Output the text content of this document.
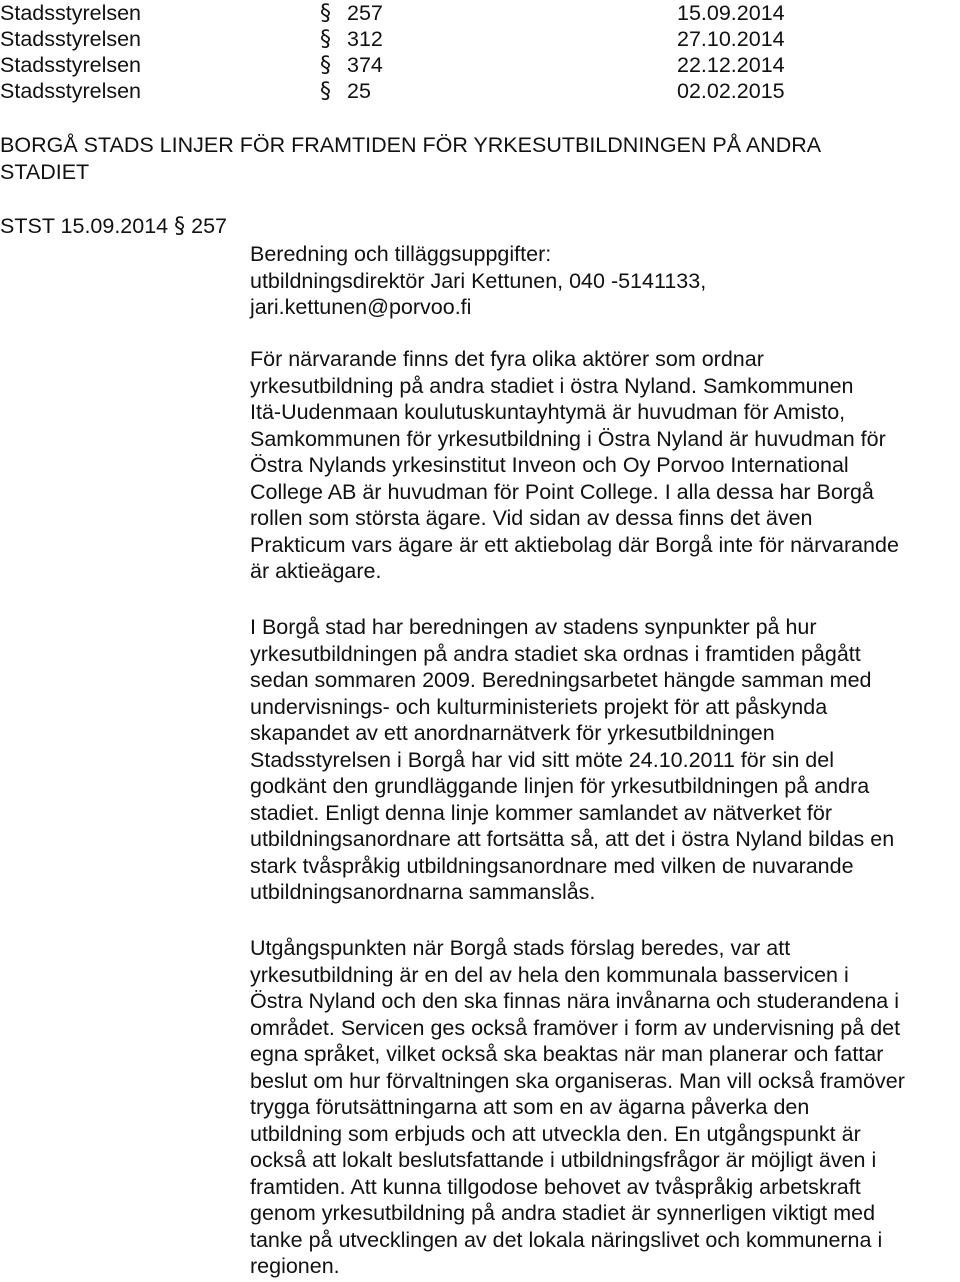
Stadsstyrelsen	§ 257	15.09.2014
Stadsstyrelsen	§ 312	27.10.2014
Stadsstyrelsen	§ 374	22.12.2014
Stadsstyrelsen	§ 25	02.02.2015
BORGÅ STADS LINJER FÖR FRAMTIDEN FÖR YRKESUTBILDNINGEN PÅ ANDRA
STADIET
STST 15.09.2014 § 257
Beredning och tilläggsuppgifter:
utbildningsdirektör Jari Kettunen, 040 -5141133,
jari.kettunen@porvoo.fi
För närvarande finns det fyra olika aktörer som ordnar
yrkesutbildning på andra stadiet i östra Nyland. Samkommunen
Itä-Uudenmaan koulutuskuntayhtymä är huvudman för Amisto,
Samkommunen för yrkesutbildning i Östra Nyland är huvudman för
Östra Nylands yrkesinstitut Inveon och Oy Porvoo International
College AB är huvudman för Point College. I alla dessa har Borgå
rollen som största ägare. Vid sidan av dessa finns det även
Prakticum vars ägare är ett aktiebolag där Borgå inte för närvarande
är aktieägare.
I Borgå stad har beredningen av stadens synpunkter på hur
yrkesutbildningen på andra stadiet ska ordnas i framtiden pågått
sedan sommaren 2009. Beredningsarbetet hängde samman med
undervisnings- och kulturministeriets projekt för att påskynda
skapandet av ett anordnarnätverk för yrkesutbildningen
Stadsstyrelsen i Borgå har vid sitt möte 24.10.2011 för sin del
godkänt den grundläggande linjen för yrkesutbildningen på andra
stadiet. Enligt denna linje kommer samlandet av nätverket för
utbildningsanordnare att fortsätta så, att det i östra Nyland bildas en
stark tvåspråkig utbildningsanordnare med vilken de nuvarande
utbildningsanordnarna sammanslås.
Utgångspunkten när Borgå stads förslag beredes, var att
yrkesutbildning är en del av hela den kommunala basservicen i
Östra Nyland och den ska finnas nära invånarna och studerandena i
området. Servicen ges också framöver i form av undervisning på det
egna språket, vilket också ska beaktas när man planerar och fattar
beslut om hur förvaltningen ska organiseras. Man vill också framöver
trygga förutsättningarna att som en av ägarna påverka den
utbildning som erbjuds och att utveckla den. En utgångspunkt är
också att lokalt beslutsfattande i utbildningsfrågor är möjligt även i
framtiden. Att kunna tillgodose behovet av tvåspråkig arbetskraft
genom yrkesutbildning på andra stadiet är synnerligen viktigt med
tanke på utvecklingen av det lokala näringslivet och kommunerna i
regionen.
